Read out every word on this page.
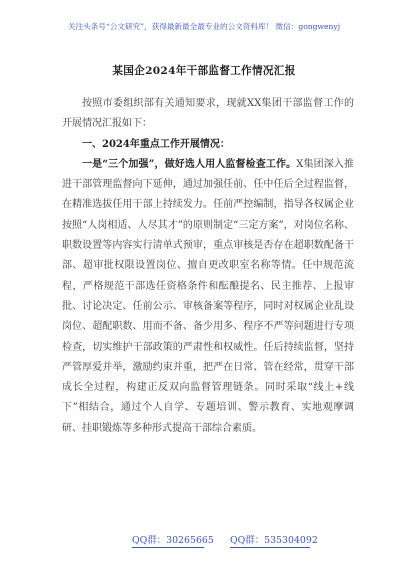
关注头条号“公文研究”，获得最新最全最专业的公文资料库！ 微信：gongwenyj
某国企2024年干部监督工作情况汇报

按照市委组织部有关通知要求，现就XX集团干部监督工作的开展情况汇报如下：

一、2024年重点工作开展情况：

一是“三个加强”，做好选人用人监督检查工作。X集团深入推进干部管理监督向下延伸，通过加强任前、任中任后全过程监督，在精准选拔任用干部上持续发力。任前严控编制，指导各权属企业按照“人岗相适、人尽其才”的原则制定“三定方案”，对岗位名称、职数设置等内容实行清单式预审，重点审核是否存在超职数配备干部、超审批权限设置岗位、擅自更改职室名称等情。任中规范流程，严格规范干部选任资格条件和酝酿提名、民主推荐、上报审批、讨论决定、任前公示、审核备案等程序，同时对权属企业乱设岗位、超配职数、用而不备、备少用多、程序不严等问题进行专项检查，切实维护干部政策的严肃性和权威性。任后持续监督，坚持严管厚爱并举，激励约束并重，把严在日常、管在经常，贯穿干部成长全过程，构建正反双向监督管理链条。同时采取“线上+线下”相结合，通过个人自学、专题培训、警示教育、实地观摩调研、挂职锻炼等多种形式提高干部综合素质。

QQ群：30265665 QQ群：535304092
